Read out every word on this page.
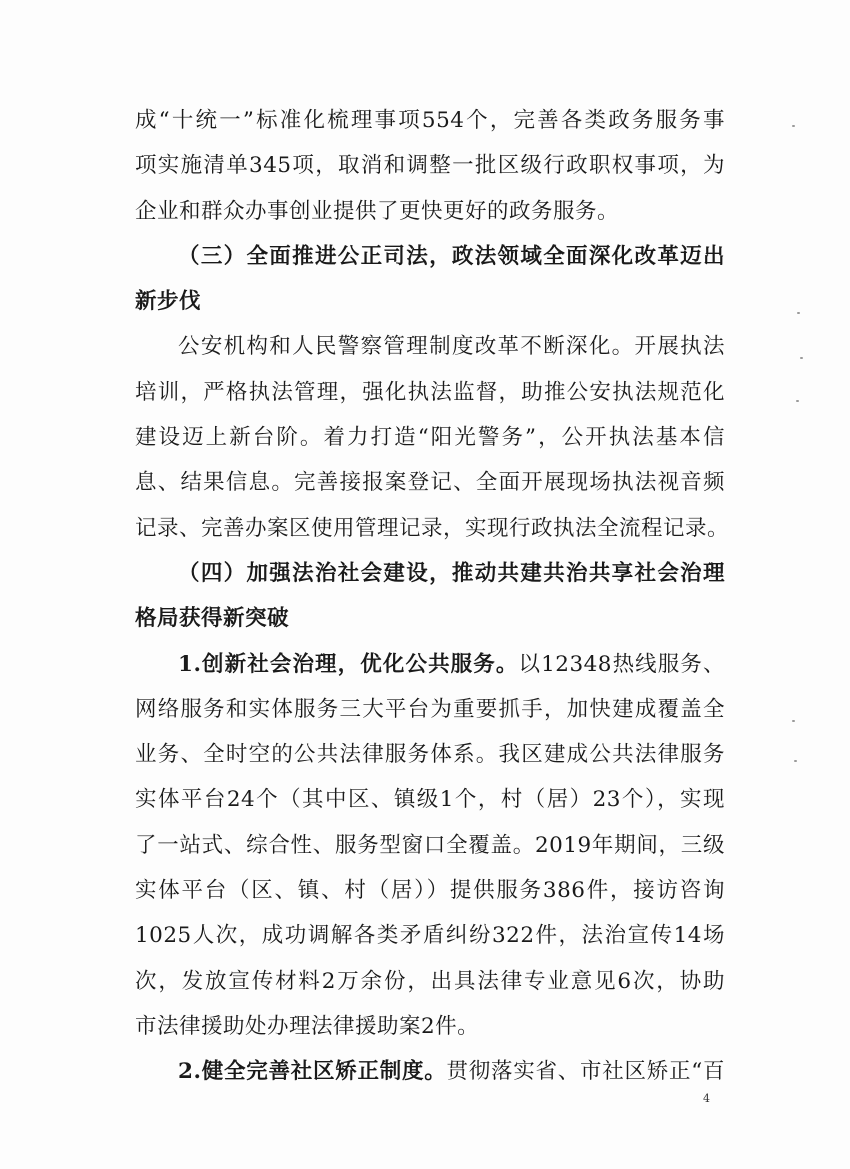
成“十统一”标准化梳理事项554个，完善各类政务服务事
项实施清单345项，取消和调整一批区级行政职权事项，为
企业和群众办事创业提供了更快更好的政务服务。
（三）全面推进公正司法，政法领域全面深化改革迈出
新步伐
公安机构和人民警察管理制度改革不断深化。开展执法
培训，严格执法管理，强化执法监督，助推公安执法规范化
建设迈上新台阶。着力打造“阳光警务”，公开执法基本信
息、结果信息。完善接报案登记、全面开展现场执法视音频
记录、完善办案区使用管理记录，实现行政执法全流程记录。
（四）加强法治社会建设，推动共建共治共享社会治理
格局获得新突破
1.创新社会治理，优化公共服务。以12348热线服务、
网络服务和实体服务三大平台为重要抓手，加快建成覆盖全
业务、全时空的公共法律服务体系。我区建成公共法律服务
实体平台24个（其中区、镇级1个，村（居）23个），实现
了一站式、综合性、服务型窗口全覆盖。2019年期间，三级
实体平台（区、镇、村（居））提供服务386件，接访咨询
1025人次，成功调解各类矛盾纠纷322件，法治宣传14场
次，发放宣传材料2万余份，出具法律专业意见6次，协助
市法律援助处办理法律援助案2件。
2.健全完善社区矫正制度。贯彻落实省、市社区矫正“百
4
